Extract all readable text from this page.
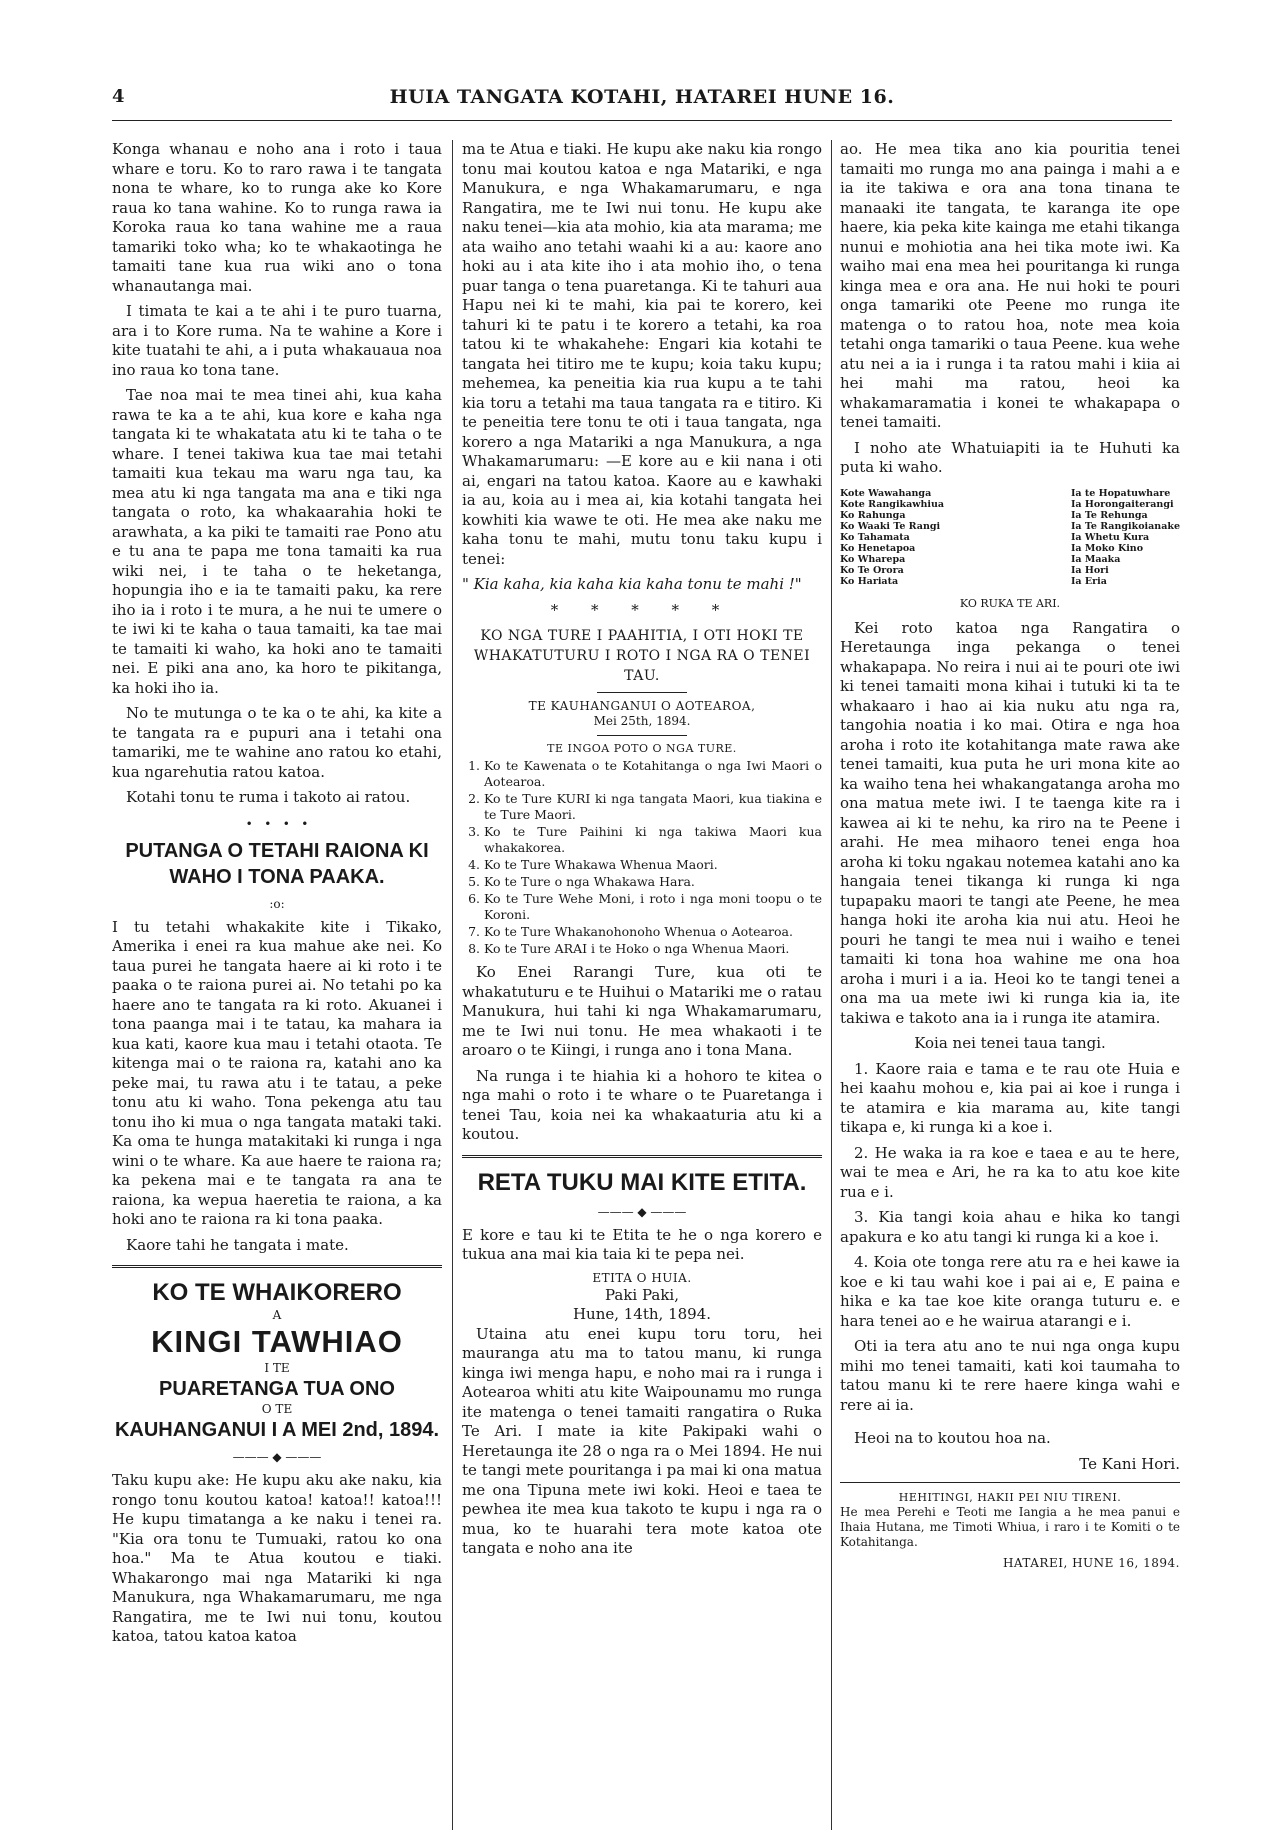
4	HUIA TANGATA KOTAHI, HATAREI HUNE 16.

Konga whanau e noho ana i roto i taua whare e toru. Ko to raro rawa i te tangata nona te whare, ko to runga ake ko Kore raua ko tana wahine. Ko to runga rawa ia Koroka raua ko tana wahine me a raua tamariki toko wha; ko te whakaotinga he tamaiti tane kua rua wiki ano o tona whanautanga mai.

I timata te kai a te ahi i te puro tuarna, ara i to Kore ruma. Na te wahine a Kore i kite tuatahi te ahi, a i puta whakauaua noa ino raua ko tona tane.

Tae noa mai te mea tinei ahi, kua kaha rawa te ka a te ahi, kua kore e kaha nga tangata ki te whakatata atu ki te taha o te whare. I tenei takiwa kua tae mai tetahi tamaiti kua tekau ma waru nga tau, ka mea atu ki nga tangata ma ana e tiki nga tangata o roto, ka whakaarahia hoki te arawhata, a ka piki te tamaiti rae Pono atu e tu ana te papa me tona tamaiti ka rua wiki nei, i te taha o te heketanga, hopungia iho e ia te tamaiti paku, ka rere iho ia i roto i te mura, a he nui te umere o te iwi ki te kaha o taua tamaiti, ka tae mai te tamaiti ki waho, ka hoki ano te tamaiti nei. E piki ana ano, ka horo te pikitanga, ka hoki iho ia.

No te mutunga o te ka o te ahi, ka kite a te tangata ra e pupuri ana i tetahi ona tamariki, me te wahine ano ratou ko etahi, kua ngarehutia ratou katoa.

Kotahi tonu te ruma i takoto ai ratou.

•   •   •   •
PUTANGA O TETAHI RAIONA KI
WAHO I TONA PAAKA.
:o:

I tu tetahi whakakite kite i Tikako, Amerika i enei ra kua mahue ake nei. Ko taua purei he tangata haere ai ki roto i te paaka o te raiona purei ai. No tetahi po ka haere ano te tangata ra ki roto. Akuanei i tona paanga mai i te tatau, ka mahara ia kua kati, kaore kua mau i tetahi otaota. Te kitenga mai o te raiona ra, katahi ano ka peke mai, tu rawa atu i te tatau, a peke tonu atu ki waho. Tona pekenga atu tau tonu iho ki mua o nga tangata mataki taki. Ka oma te hunga matakitaki ki runga i nga wini o te whare. Ka aue haere te raiona ra; ka pekena mai e te tangata ra ana te raiona, ka wepua haeretia te raiona, a ka hoki ano te raiona ra ki tona paaka.

Kaore tahi he tangata i mate.

KO TE WHAIKORERO
A
KINGI TAWHIAO
I TE
PUARETANGA TUA ONO
O TE
KAUHANGANUI I A MEI 2nd, 1894.
——— ◆ ———

Taku kupu ake: He kupu aku ake naku, kia rongo tonu koutou katoa! katoa!! katoa!!! He kupu timatanga a ke naku i tenei ra. "Kia ora tonu te Tumuaki, ratou ko ona hoa." Ma te Atua koutou e tiaki. Whakarongo mai nga Matariki ki nga Manukura, nga Whakamarumaru, me nga Rangatira, me te Iwi nui tonu, koutou katoa, tatou katoa katoa

ma te Atua e tiaki. He kupu ake naku kia rongo tonu mai koutou katoa e nga Matariki, e nga Manukura, e nga Whakamarumaru, e nga Rangatira, me te Iwi nui tonu. He kupu ake naku tenei—kia ata mohio, kia ata marama; me ata waiho ano tetahi waahi ki a au: kaore ano hoki au i ata kite iho i ata mohio iho, o tena puar tanga o tena puaretanga. Ki te tahuri aua Hapu nei ki te mahi, kia pai te korero, kei tahuri ki te patu i te korero a tetahi, ka roa tatou ki te whakahehe: Engari kia kotahi te tangata hei titiro me te kupu; koia taku kupu; mehemea, ka peneitia kia rua kupu a te tahi kia toru a tetahi ma taua tangata ra e titiro. Ki te peneitia tere tonu te oti i taua tangata, nga korero a nga Matariki a nga Manukura, a nga Whakamarumaru: —E kore au e kii nana i oti ai, engari na tatou katoa. Kaore au e kawhaki ia au, koia au i mea ai, kia kotahi tangata hei kowhiti kia wawe te oti. He mea ake naku me kaha tonu te mahi, mutu tonu taku kupu i tenei:

" Kia kaha, kia kaha kia kaha tonu te mahi !"

* * * * *
KO NGA TURE I PAAHITIA, I OTI HOKI TE WHAKATUTURU I ROTO I NGA RA O TENEI TAU.
TE KAUHANGANUI O AOTEAROA,
Mei 25th, 1894.
TE INGOA POTO O NGA TURE.
1. Ko te Kawenata o te Kotahitanga o nga Iwi Maori o Aotearoa.
2. Ko te Ture KURI ki nga tangata Maori, kua tiakina e te Ture Maori.
3. Ko te Ture Paihini ki nga takiwa Maori kua whakakorea.
4. Ko te Ture Whakawa Whenua Maori.
5. Ko te Ture o nga Whakawa Hara.
6. Ko te Ture Wehe Moni, i roto i nga moni toopu o te Koroni.
7. Ko te Ture Whakanohonoho Whenua o Aotearoa.
8. Ko te Ture ARAI i te Hoko o nga Whenua Maori.

Ko Enei Rarangi Ture, kua oti te whakatuturu e te Huihui o Matariki me o ratau Manukura, hui tahi ki nga Whakamarumaru, me te Iwi nui tonu. He mea whakaoti i te aroaro o te Kiingi, i runga ano i tona Mana.

Na runga i te hiahia ki a hohoro te kitea o nga mahi o roto i te whare o te Puaretanga i tenei Tau, koia nei ka whakaaturia atu ki a koutou.

RETA TUKU MAI KITE ETITA.
——— ◆ ———

E kore e tau ki te Etita te he o nga korero e tukua ana mai kia taia ki te pepa nei.

ETITA O HUIA.
Paki Paki,
Hune, 14th, 1894.

Utaina atu enei kupu toru toru, hei mauranga atu ma to tatou manu, ki runga kinga iwi menga hapu, e noho mai ra i runga i Aotearoa whiti atu kite Waipounamu mo runga ite matenga o tenei tamaiti rangatira o Ruka Te Ari. I mate ia kite Pakipaki wahi o Heretaunga ite 28 o nga ra o Mei 1894. He nui te tangi mete pouritanga i pa mai ki ona matua me ona Tipuna mete iwi koki. Heoi e taea te pewhea ite mea kua takoto te kupu i nga ra o mua, ko te huarahi tera mote katoa ote tangata e noho ana ite

ao. He mea tika ano kia pouritia tenei tamaiti mo runga mo ana painga i mahi a e ia ite takiwa e ora ana tona tinana te manaaki ite tangata, te karanga ite ope haere, kia peka kite kainga me etahi tikanga nunui e mohiotia ana hei tika mote iwi. Ka waiho mai ena mea hei pouritanga ki runga kinga mea e ora ana. He nui hoki te pouri onga tamariki ote Peene mo runga ite matenga o to ratou hoa, note mea koia tetahi onga tamariki o taua Peene. kua wehe atu nei a ia i runga i ta ratou mahi i kiia ai hei mahi ma ratou, heoi ka whakamaramatia i konei te whakapapa o tenei tamaiti.

I noho ate Whatuiapiti ia te Huhuti ka puta ki waho.

Kote Wawahanga
Kote Rangikawhiua
Ko Rahunga
Ko Waaki Te Rangi
Ko Tahamata
Ko Henetapoa
Ko Wharepa
Ko Te Orora
Ko Hariata
Ia te Hopatuwhare
Ia Horongaiterangi
Ia Te Rehunga
Ia Te Rangikoianake
Ia Whetu Kura
Ia Moko Kino
Ia Maaka
Ia Hori
Ia Eria
KO RUKA TE ARI.

Kei roto katoa nga Rangatira o Heretaunga inga pekanga o tenei whakapapa. No reira i nui ai te pouri ote iwi ki tenei tamaiti mona kihai i tutuki ki ta te whakaaro i hao ai kia nuku atu nga ra, tangohia noatia i ko mai. Otira e nga hoa aroha i roto ite kotahitanga mate rawa ake tenei tamaiti, kua puta he uri mona kite ao ka waiho tena hei whakangatanga aroha mo ona matua mete iwi. I te taenga kite ra i kawea ai ki te nehu, ka riro na te Peene i arahi. He mea mihaoro tenei enga hoa aroha ki toku ngakau notemea katahi ano ka hangaia tenei tikanga ki runga ki nga tupapaku maori te tangi ate Peene, he mea hanga hoki ite aroha kia nui atu. Heoi he pouri he tangi te mea nui i waiho e tenei tamaiti ki tona hoa wahine me ona hoa aroha i muri i a ia. Heoi ko te tangi tenei a ona ma ua mete iwi ki runga kia ia, ite takiwa e takoto ana ia i runga ite atamira.

Koia nei tenei taua tangi.

1. Kaore raia e tama e te rau ote Huia e hei kaahu mohou e, kia pai ai koe i runga i te atamira e kia marama au, kite tangi tikapa e, ki runga ki a koe i.

2. He waka ia ra koe e taea e au te here, wai te mea e Ari, he ra ka to atu koe kite rua e i.

3. Kia tangi koia ahau e hika ko tangi apakura e ko atu tangi ki runga ki a koe i.

4. Koia ote tonga rere atu ra e hei kawe ia koe e ki tau wahi koe i pai ai e, E paina e hika e ka tae koe kite oranga tuturu e. e hara tenei ao e he wairua atarangi e i.

Oti ia tera atu ano te nui nga onga kupu mihi mo tenei tamaiti, kati koi taumaha to tatou manu ki te rere haere kinga wahi e rere ai ia.

Heoi na to koutou hoa na.

Te Kani Hori.

HEHITINGI, HAKII PEI NIU TIRENI.

He mea Perehi e Teoti me Iangia a he mea panui e Ihaia Hutana, me Timoti Whiua, i raro i te Komiti o te Kotahitanga.

HATAREI, HUNE 16, 1894.
